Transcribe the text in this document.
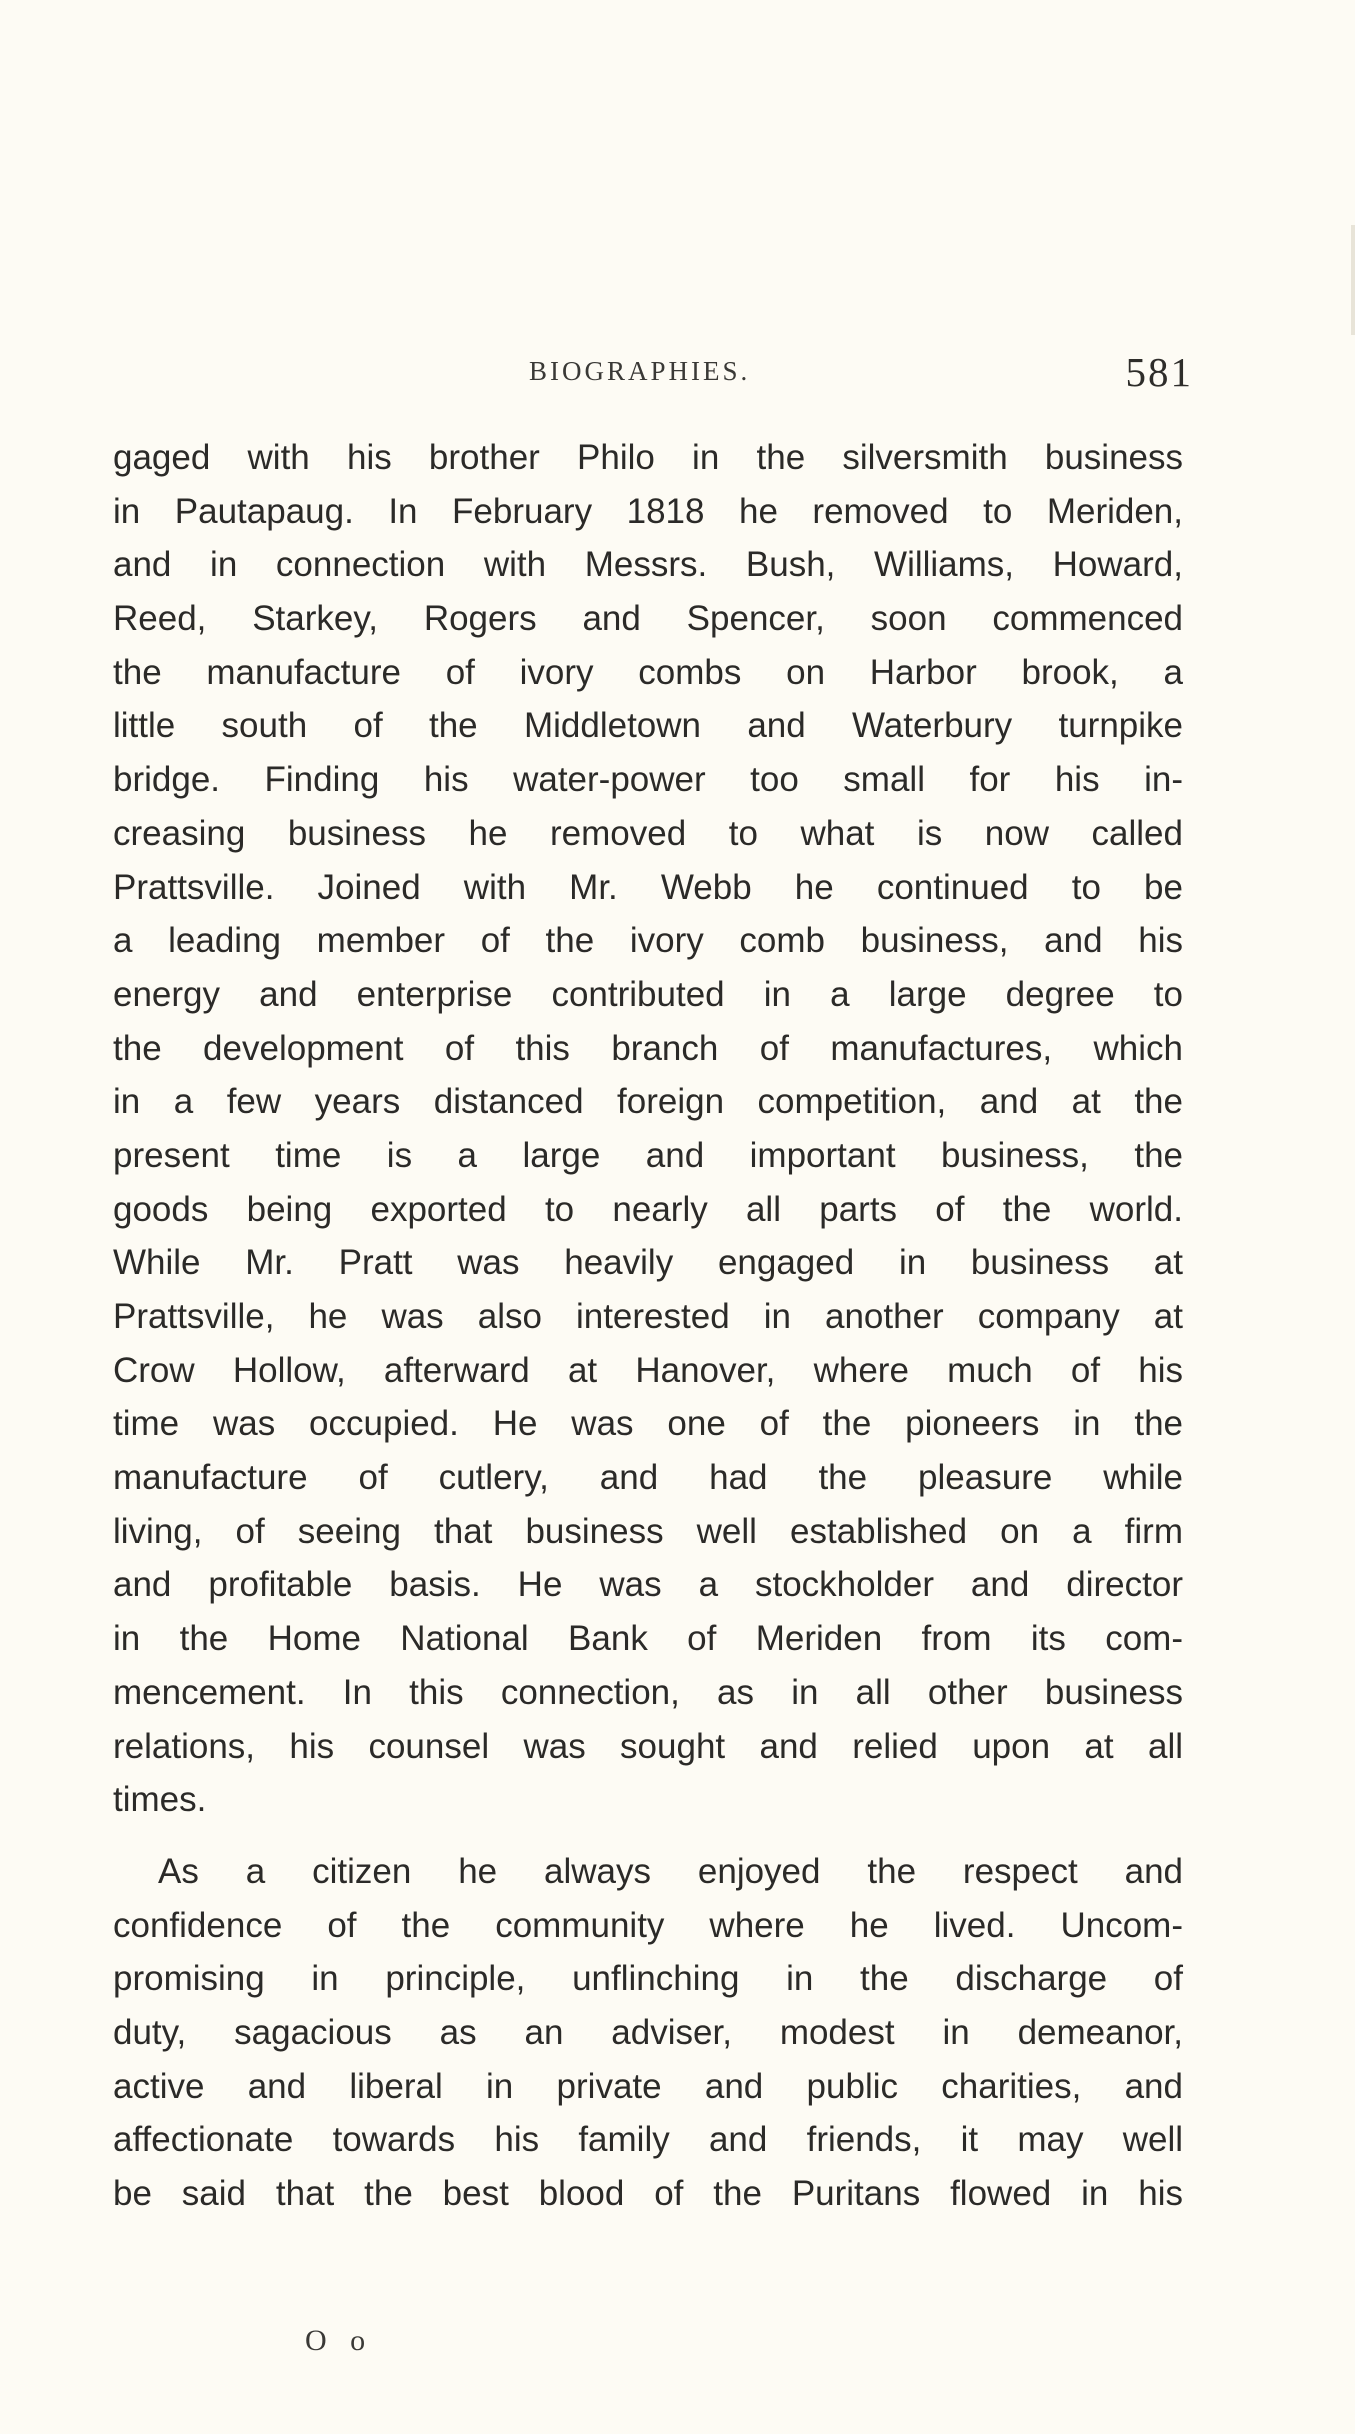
BIOGRAPHIES.	581
gaged with his brother Philo in the silversmith business
in Pautapaug. In February 1818 he removed to Meriden,
and in connection with Messrs. Bush, Williams, Howard,
Reed, Starkey, Rogers and Spencer, soon commenced
the manufacture of ivory combs on Harbor brook, a
little south of the Middletown and Waterbury turnpike
bridge. Finding his water-power too small for his in-
creasing business he removed to what is now called
Prattsville. Joined with Mr. Webb he continued to be
a leading member of the ivory comb business, and his
energy and enterprise contributed in a large degree to
the development of this branch of manufactures, which
in a few years distanced foreign competition, and at the
present time is a large and important business, the
goods being exported to nearly all parts of the world.
While Mr. Pratt was heavily engaged in business at
Prattsville, he was also interested in another company at
Crow Hollow, afterward at Hanover, where much of his
time was occupied. He was one of the pioneers in the
manufacture of cutlery, and had the pleasure while
living, of seeing that business well established on a firm
and profitable basis. He was a stockholder and director
in the Home National Bank of Meriden from its com-
mencement. In this connection, as in all other business
relations, his counsel was sought and relied upon at all
times.
As a citizen he always enjoyed the respect and
confidence of the community where he lived. Uncom-
promising in principle, unflinching in the discharge of
duty, sagacious as an adviser, modest in demeanor,
active and liberal in private and public charities, and
affectionate towards his family and friends, it may well
be said that the best blood of the Puritans flowed in his
O o
